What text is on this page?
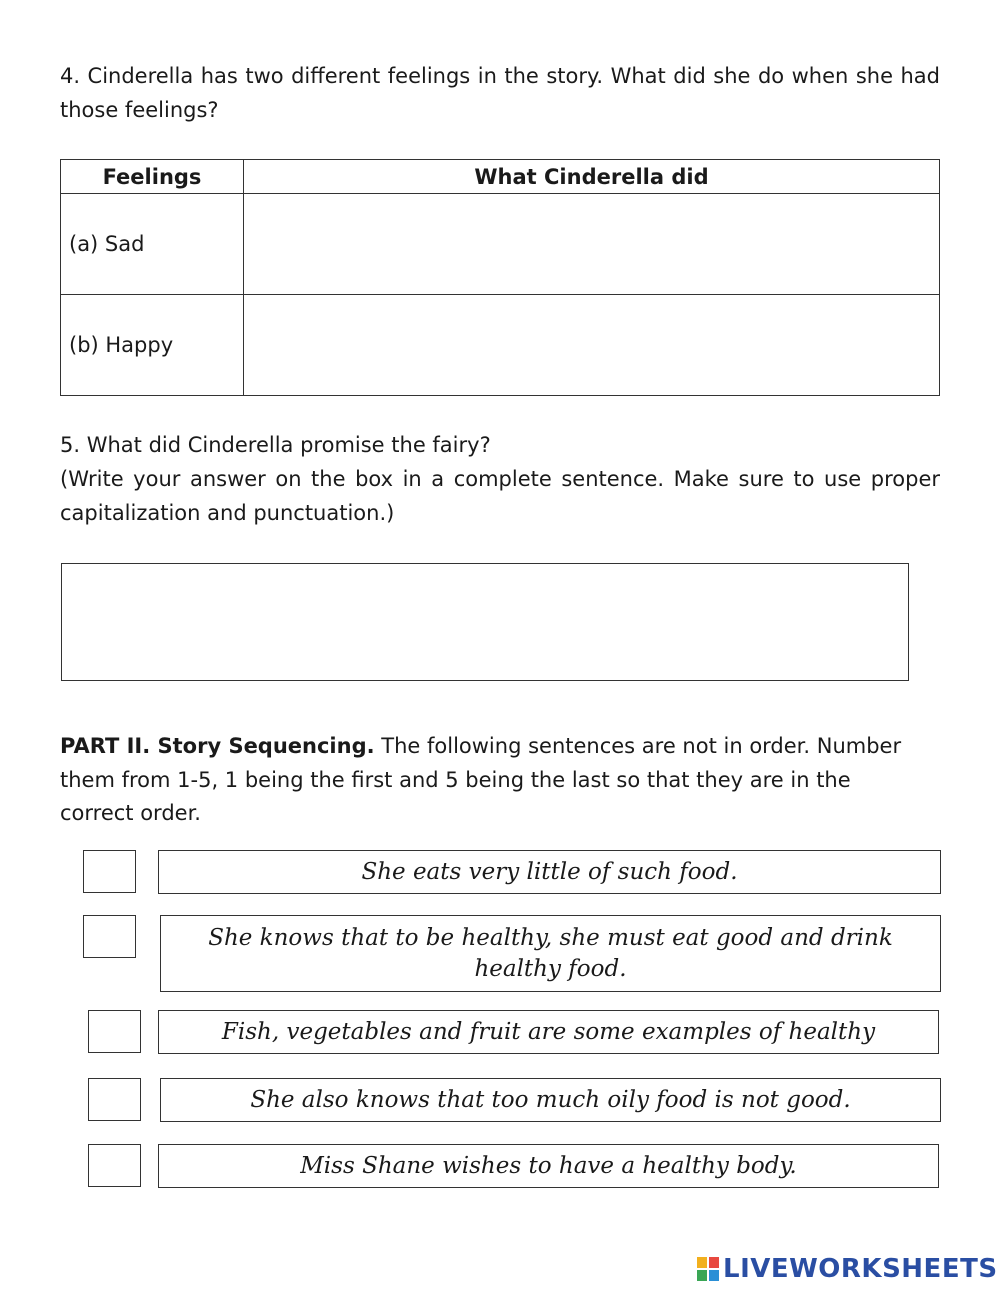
4. Cinderella has two different feelings in the story. What did she do when she had those feelings?

Feelings	What Cinderella did
(a) Sad	
(b) Happy	

5. What did Cinderella promise the fairy?

(Write your answer on the box in a complete sentence. Make sure to use proper capitalization and punctuation.)

PART II. Story Sequencing. The following sentences are not in order. Number them from 1-5, 1 being the first and 5 being the last so that they are in the correct order.

She eats very little of such food.
She knows that to be healthy, she must eat good and drink healthy food.
Fish, vegetables and fruit are some examples of healthy
She also knows that too much oily food is not good.
Miss Shane wishes to have a healthy body.
LIVEWORKSHEETS
